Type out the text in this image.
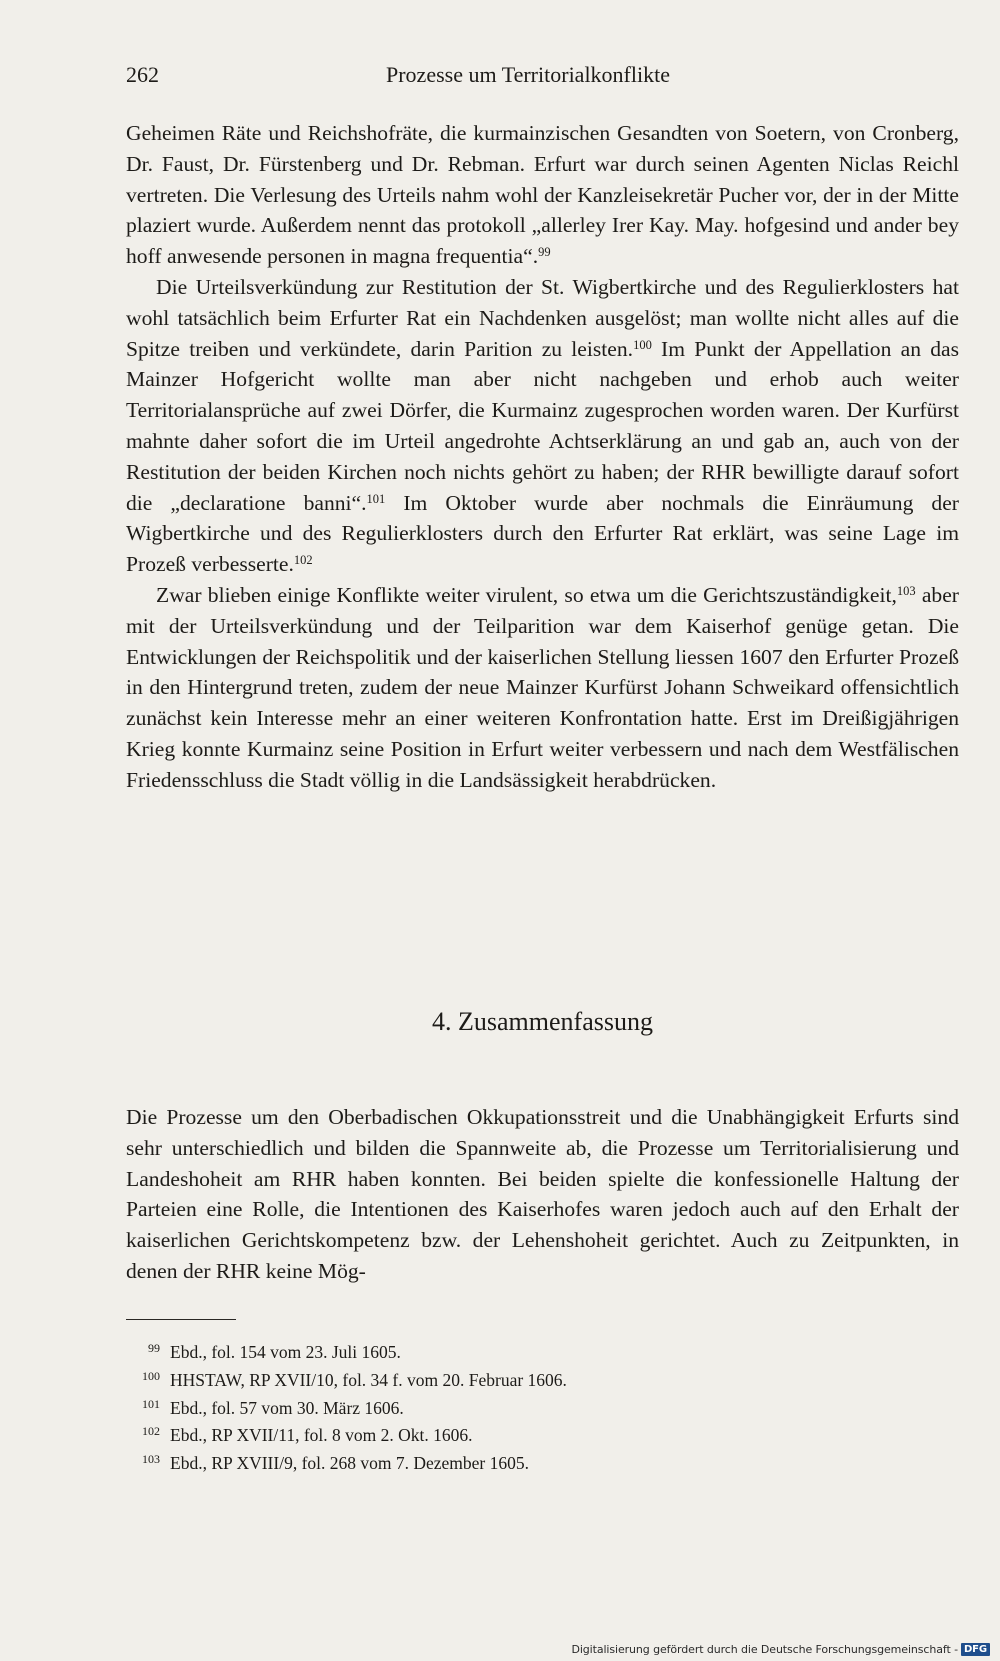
262	Prozesse um Territorialkonflikte

Geheimen Räte und Reichshofräte, die kurmainzischen Gesandten von Soetern, von Cronberg, Dr. Faust, Dr. Fürstenberg und Dr. Rebman. Erfurt war durch seinen Agenten Niclas Reichl vertreten. Die Verlesung des Urteils nahm wohl der Kanzleisekretär Pucher vor, der in der Mitte plaziert wurde. Außerdem nennt das protokoll „allerley Irer Kay. May. hofgesind und ander bey hoff anwesende personen in magna frequentia“.$^{99}$

Die Urteilsverkündung zur Restitution der St. Wigbertkirche und des Regulierklosters hat wohl tatsächlich beim Erfurter Rat ein Nachdenken ausgelöst; man wollte nicht alles auf die Spitze treiben und verkündete, darin Parition zu leisten.$^{100}$ Im Punkt der Appellation an das Mainzer Hofgericht wollte man aber nicht nachgeben und erhob auch weiter Territorialansprüche auf zwei Dörfer, die Kurmainz zugesprochen worden waren. Der Kurfürst mahnte daher sofort die im Urteil angedrohte Achtserklärung an und gab an, auch von der Restitution der beiden Kirchen noch nichts gehört zu haben; der RHR bewilligte darauf sofort die „declaratione banni“.$^{101}$ Im Oktober wurde aber nochmals die Einräumung der Wigbertkirche und des Regulierklosters durch den Erfurter Rat erklärt, was seine Lage im Prozeß verbesserte.$^{102}$

Zwar blieben einige Konflikte weiter virulent, so etwa um die Gerichtszuständigkeit,$^{103}$ aber mit der Urteilsverkündung und der Teilparition war dem Kaiserhof genüge getan. Die Entwicklungen der Reichspolitik und der kaiserlichen Stellung liessen 1607 den Erfurter Prozeß in den Hintergrund treten, zudem der neue Mainzer Kurfürst Johann Schweikard offensichtlich zunächst kein Interesse mehr an einer weiteren Konfrontation hatte. Erst im Dreißigjährigen Krieg konnte Kurmainz seine Position in Erfurt weiter verbessern und nach dem Westfälischen Friedensschluss die Stadt völlig in die Landsässigkeit herabdrücken.

4. Zusammenfassung

Die Prozesse um den Oberbadischen Okkupationsstreit und die Unabhängigkeit Erfurts sind sehr unterschiedlich und bilden die Spannweite ab, die Prozesse um Territorialisierung und Landeshoheit am RHR haben konnten. Bei beiden spielte die konfessionelle Haltung der Parteien eine Rolle, die Intentionen des Kaiserhofes waren jedoch auch auf den Erhalt der kaiserlichen Gerichtskompetenz bzw. der Lehenshoheit gerichtet. Auch zu Zeitpunkten, in denen der RHR keine Mög-

99 Ebd., fol. 154 vom 23. Juli 1605.
100 HHSTAW, RP XVII/10, fol. 34 f. vom 20. Februar 1606.
101 Ebd., fol. 57 vom 30. März 1606.
102 Ebd., RP XVII/11, fol. 8 vom 2. Okt. 1606.
103 Ebd., RP XVIII/9, fol. 268 vom 7. Dezember 1605.
Digitalisierung gefördert durch die Deutsche Forschungsgemeinschaft - DFG
